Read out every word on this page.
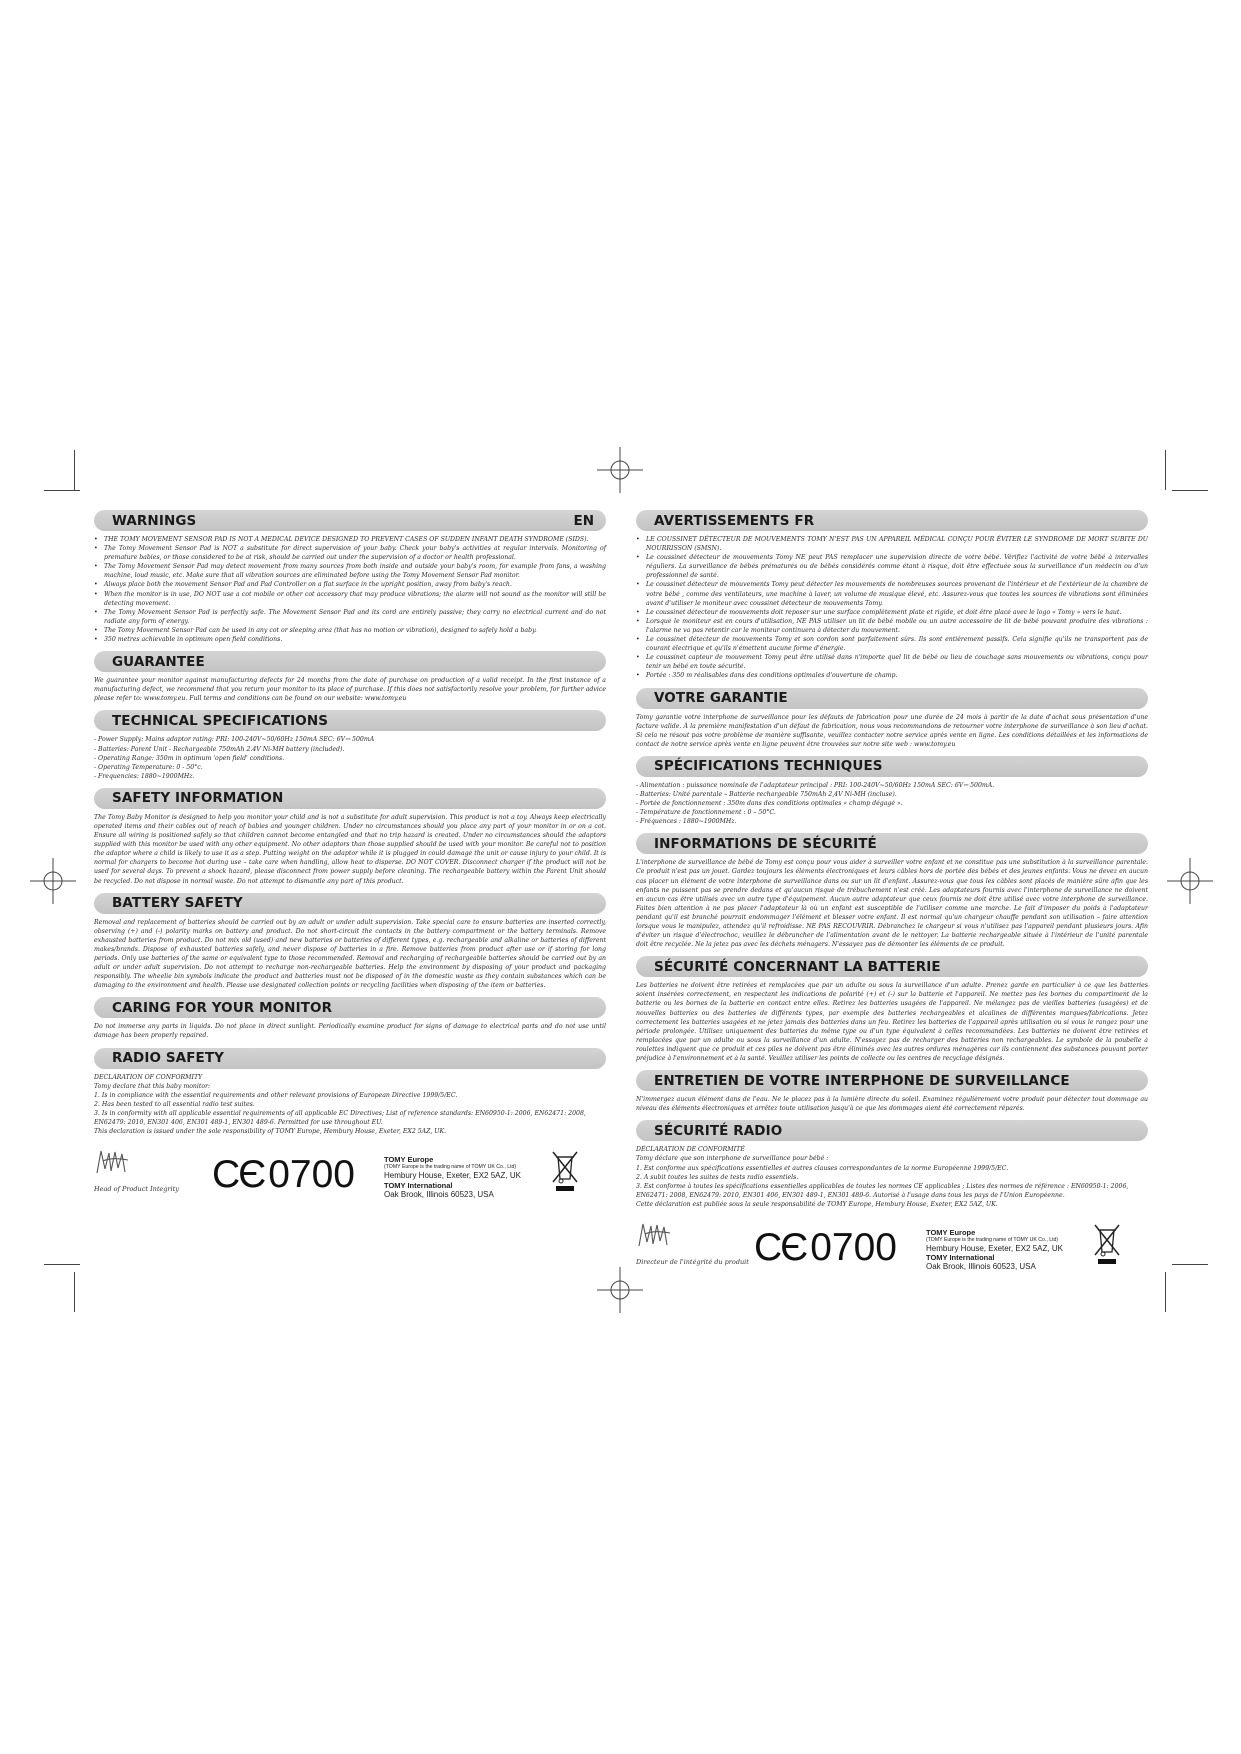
WARNINGS	EN
• THE TOMY MOVEMENT SENSOR PAD IS NOT A MEDICAL DEVICE DESIGNED TO PREVENT CASES OF SUDDEN INFANT DEATH SYNDROME (SIDS).
• The Tomy Movement Sensor Pad is NOT a substitute for direct supervision of your baby. Check your baby's activities at regular intervals. Monitoring of premature babies, or those considered to be at risk, should be carried out under the supervision of a doctor or health professional.
• The Tomy Movement Sensor Pad may detect movement from many sources from both inside and outside your baby's room, for example from fans, a washing machine, loud music, etc. Make sure that all vibration sources are eliminated before using the Tomy Movement Sensor Pad monitor.
• Always place both the movement Sensor Pad and Pad Controller on a flat surface in the upright position, away from baby's reach.
• When the monitor is in use, DO NOT use a cot mobile or other cot accessory that may produce vibrations; the alarm will not sound as the monitor will still be detecting movement.
• The Tomy Movement Sensor Pad is perfectly safe. The Movement Sensor Pad and its cord are entirely passive; they carry no electrical current and do not radiate any form of energy.
• The Tomy Movement Sensor Pad can be used in any cot or sleeping area (that has no motion or vibration), designed to safely hold a baby.
• 350 metres achievable in optimum open field conditions.
GUARANTEE
We guarantee your monitor against manufacturing defects for 24 months from the date of purchase on production of a valid receipt. In the first instance of a manufacturing defect, we recommend that you return your monitor to its place of purchase. If this does not satisfactorily resolve your problem, for further advice please refer to: www.tomy.eu. Full terms and conditions can be found on our website: www.tomy.eu
TECHNICAL SPECIFICATIONS
- Power Supply: Mains adaptor rating: PRI: 100-240V~50/60Hz 150mA SEC: 6V⎓ 500mA
- Batteries: Parent Unit - Rechargeable 750mAh 2.4V Ni-MH battery (included).
- Operating Range: 350m in optimum 'open field' conditions.
- Operating Temperature: 0 - 50°c.
- Frequencies: 1880~1900MHz.
SAFETY INFORMATION
The Tomy Baby Monitor is designed to help you monitor your child and is not a substitute for adult supervision. This product is not a toy. Always keep electrically operated items and their cables out of reach of babies and younger children. Under no circumstances should you place any part of your monitor in or on a cot. Ensure all wiring is positioned safely so that children cannot become entangled and that no trip hazard is created. Under no circumstances should the adaptors supplied with this monitor be used with any other equipment. No other adaptors than those supplied should be used with your monitor. Be careful not to position the adaptor where a child is likely to use it as a step. Putting weight on the adaptor while it is plugged in could damage the unit or cause injury to your child. It is normal for chargers to become hot during use – take care when handling, allow heat to disperse. DO NOT COVER. Disconnect charger if the product will not be used for several days. To prevent a shock hazard, please disconnect from power supply before cleaning. The rechargeable battery within the Parent Unit should be recycled. Do not dispose in normal waste. Do not attempt to dismantle any part of this product.
BATTERY SAFETY
Removal and replacement of batteries should be carried out by an adult or under adult supervision. Take special care to ensure batteries are inserted correctly, observing (+) and (-) polarity marks on battery and product. Do not short-circuit the contacts in the battery compartment or the battery terminals. Remove exhausted batteries from product. Do not mix old (used) and new batteries or batteries of different types, e.g. rechargeable and alkaline or batteries of different makes/brands. Dispose of exhausted batteries safely, and never dispose of batteries in a fire. Remove batteries from product after use or if storing for long periods. Only use batteries of the same or equivalent type to those recommended. Removal and recharging of rechargeable batteries should be carried out by an adult or under adult supervision. Do not attempt to recharge non-rechargeable batteries. Help the environment by disposing of your product and packaging responsibly. The wheelie bin symbols indicate the product and batteries must not be disposed of in the domestic waste as they contain substances which can be damaging to the environment and health. Please use designated collection points or recycling facilities when disposing of the item or batteries.
CARING FOR YOUR MONITOR
Do not immerse any parts in liquids. Do not place in direct sunlight. Periodically examine product for signs of damage to electrical parts and do not use until damage has been properly repaired.
RADIO SAFETY

DECLARATION OF CONFORMITY

Tomy declare that this baby monitor:

1. Is in compliance with the essential requirements and other relevant provisions of European Directive 1999/5/EC.

2. Has been tested to all essential radio test suites.

3. Is in conformity with all applicable essential requirements of all applicable EC Directives; List of reference standards: EN60950-1: 2006, EN62471: 2008, EN62479: 2010, EN301 406, EN301 489-1, EN301 489-6. Permitted for use throughout EU.

This declaration is issued under the sole responsibility of TOMY Europe, Hembury House, Exeter, EX2 5AZ, UK.

Head of Product Integrity CЄ 0700	TOMY Europe
(TOMY Europe is the trading name of TOMY UK Co., Ltd)
Hembury House, Exeter, EX2 5AZ, UK
TOMY International
Oak Brook, Illinois 60523, USA
AVERTISSEMENTS FR
• LE COUSSINET DÉTECTEUR DE MOUVEMENTS TOMY N'EST PAS UN APPAREIL MÉDICAL CONÇU POUR ÉVITER LE SYNDROME DE MORT SUBITE DU NOURRISSON (SMSN).
• Le coussinet détecteur de mouvements Tomy NE peut PAS remplacer une supervision directe de votre bébé. Vérifiez l'activité de votre bébé à intervalles réguliers. La surveillance de bébés prématurés ou de bébés considérés comme étant à risque, doit être effectuée sous la surveillance d'un médecin ou d'un professionnel de santé.
• Le coussinet détecteur de mouvements Tomy peut détecter les mouvements de nombreuses sources provenant de l'intérieur et de l'extérieur de la chambre de votre bébé , comme des ventilateurs, une machine à laver, un volume de musique élevé, etc. Assurez-vous que toutes les sources de vibrations sont éliminées avant d'utiliser le moniteur avec coussinet détecteur de mouvements Tomy.
• Le coussinet détecteur de mouvements doit reposer sur une surface complètement plate et rigide, et doit être placé avec le logo « Tomy » vers le haut.
• Lorsque le moniteur est en cours d'utilisation, NE PAS utiliser un lit de bébé mobile ou un autre accessoire de lit de bébé pouvant produire des vibrations : l'alarme ne va pas retentir car le moniteur continuera à détecter du mouvement.
• Le coussinet détecteur de mouvements Tomy et son cordon sont parfaitement sûrs. Ils sont entièrement passifs. Cela signifie qu'ils ne transportent pas de courant électrique et qu'ils n'émettent aucune forme d'énergie.
• Le coussinet capteur de mouvement Tomy peut être utilisé dans n'importe quel lit de bébé ou lieu de couchage sans mouvements ou vibrations, conçu pour tenir un bébé en toute sécurité.
• Portée : 350 m réalisables dans des conditions optimales d'ouverture de champ.
VOTRE GARANTIE
Tomy garantie votre interphone de surveillance pour les défauts de fabrication pour une durée de 24 mois à partir de la date d'achat sous présentation d'une facture valide. À la première manifestation d'un défaut de fabrication, nous vous recommandons de retourner votre interphone de surveillance à son lieu d'achat. Si cela ne résout pas votre problème de manière suffisante, veuillez contacter notre service après vente en ligne. Les conditions détaillées et les informations de contact de notre service après vente en ligne peuvent être trouvées sur notre site web : www.tomy.eu
SPÉCIFICATIONS TECHNIQUES
- Alimentation : puissance nominale de l'adaptateur principal : PRI: 100-240V~50/60Hz 150mA SEC: 6V⎓ 500mA.
- Batteries: Unité parentale – Batterie rechargeable 750mAh 2,4V Ni-MH (incluse).
- Portée de fonctionnement : 350m dans des conditions optimales « champ dégagé ».
- Température de fonctionnement : 0 – 50°C.
- Fréquences : 1880~1900MHz.
INFORMATIONS DE SÉCURITÉ
L'interphone de surveillance de bébé de Tomy est conçu pour vous aider à surveiller votre enfant et ne constitue pas une substitution à la surveillance parentale. Ce produit n'est pas un jouet. Gardez toujours les éléments électroniques et leurs câbles hors de portée des bébés et des jeunes enfants. Vous ne devez en aucun cas placer un élément de votre interphone de surveillance dans ou sur un lit d'enfant. Assurez-vous que tous les câbles sont placés de manière sûre afin que les enfants ne puissent pas se prendre dedans et qu'aucun risque de trébuchement n'est créé. Les adaptateurs fournis avec l'interphone de surveillance ne doivent en aucun cas être utilisés avec un autre type d'équipement. Aucun autre adaptateur que ceux fournis ne doit être utilisé avec votre interphone de surveillance. Faites bien attention à ne pas placer l'adaptateur là où un enfant est susceptible de l'utiliser comme une marche. Le fait d'imposer du poids à l'adaptateur pendant qu'il est branché pourrait endommager l'élément et blesser votre enfant. Il est normal qu'un chargeur chauffe pendant son utilisation – faire attention lorsque vous le manipulez, attendez qu'il refroidisse. NE PAS RECOUVRIR. Débranchez le chargeur si vous n'utilisez pas l'appareil pendant plusieurs jours. Afin d'éviter un risque d'électrochoc, veuillez le débrancher de l'alimentation avant de le nettoyer. La batterie rechargeable située à l'intérieur de l'unité parentale doit être recyclée. Ne la jetez pas avec les déchets ménagers. N'essayez pas de démonter les éléments de ce produit.
SÉCURITÉ CONCERNANT LA BATTERIE
Les batteries ne doivent être retirées et remplacées que par un adulte ou sous la surveillance d'un adulte. Prenez garde en particulier à ce que les batteries soient insérées correctement, en respectant les indications de polarité (+) et (-) sur la batterie et l'appareil. Ne mettez pas les bornes du compartiment de la batterie ou les bornes de la batterie en contact entre elles. Retirez les batteries usagées de l'appareil. Ne mélangez pas de vieilles batteries (usagées) et de nouvelles batteries ou des batteries de différents types, par exemple des batteries rechargeables et alcalines de différentes marques/fabrications. Jetez correctement les batteries usagées et ne jetez jamais des batteries dans un feu. Retirez les batteries de l'appareil après utilisation ou si vous le rangez pour une période prolongée. Utilisez uniquement des batteries du même type ou d'un type équivalent à celles recommandées. Les batteries ne doivent être retirées et remplacées que par un adulte ou sous la surveillance d'un adulte. N'essayez pas de recharger des batteries non rechargeables. Le symbole de la poubelle à roulettes indiquent que ce produit et ces piles ne doivent pas être éliminés avec les autres ordures ménagères car ils contiennent des substances pouvant porter préjudice à l'environnement et à la santé. Veuillez utiliser les points de collecte ou les centres de recyclage désignés.
ENTRETIEN DE VOTRE INTERPHONE DE SURVEILLANCE
N'immergez aucun élément dans de l'eau. Ne le placez pas à la lumière directe du soleil. Examinez régulièrement votre produit pour détecter tout dommage au niveau des éléments électroniques et arrêtez toute utilisation jusqu'à ce que les dommages aient été correctement réparés.
SÉCURITÉ RADIO

DÉCLARATION DE CONFORMITÉ

Tomy déclare que son interphone de surveillance pour bébé :

1. Est conforme aux spécifications essentielles et autres clauses correspondantes de la norme Européenne 1999/5/EC.

2. A subit toutes les suites de tests radio essentiels.

3. Est conforme à toutes les spécifications essentielles applicables de toutes les normes CE applicables ; Listes des normes de référence : EN60950-1: 2006, EN62471: 2008, EN62479: 2010, EN301 406, EN301 489-1, EN301 489-6. Autorisé à l'usage dans tous les pays de l'Union Européenne.

Cette déclaration est publiée sous la seule responsabilité de TOMY Europe, Hembury House, Exeter, EX2 5AZ, UK.

Directeur de l'intégrité du produit CЄ 0700	TOMY Europe
(TOMY Europe is the trading name of TOMY UK Co., Ltd)
Hembury House, Exeter, EX2 5AZ, UK
TOMY International
Oak Brook, Illinois 60523, USA
